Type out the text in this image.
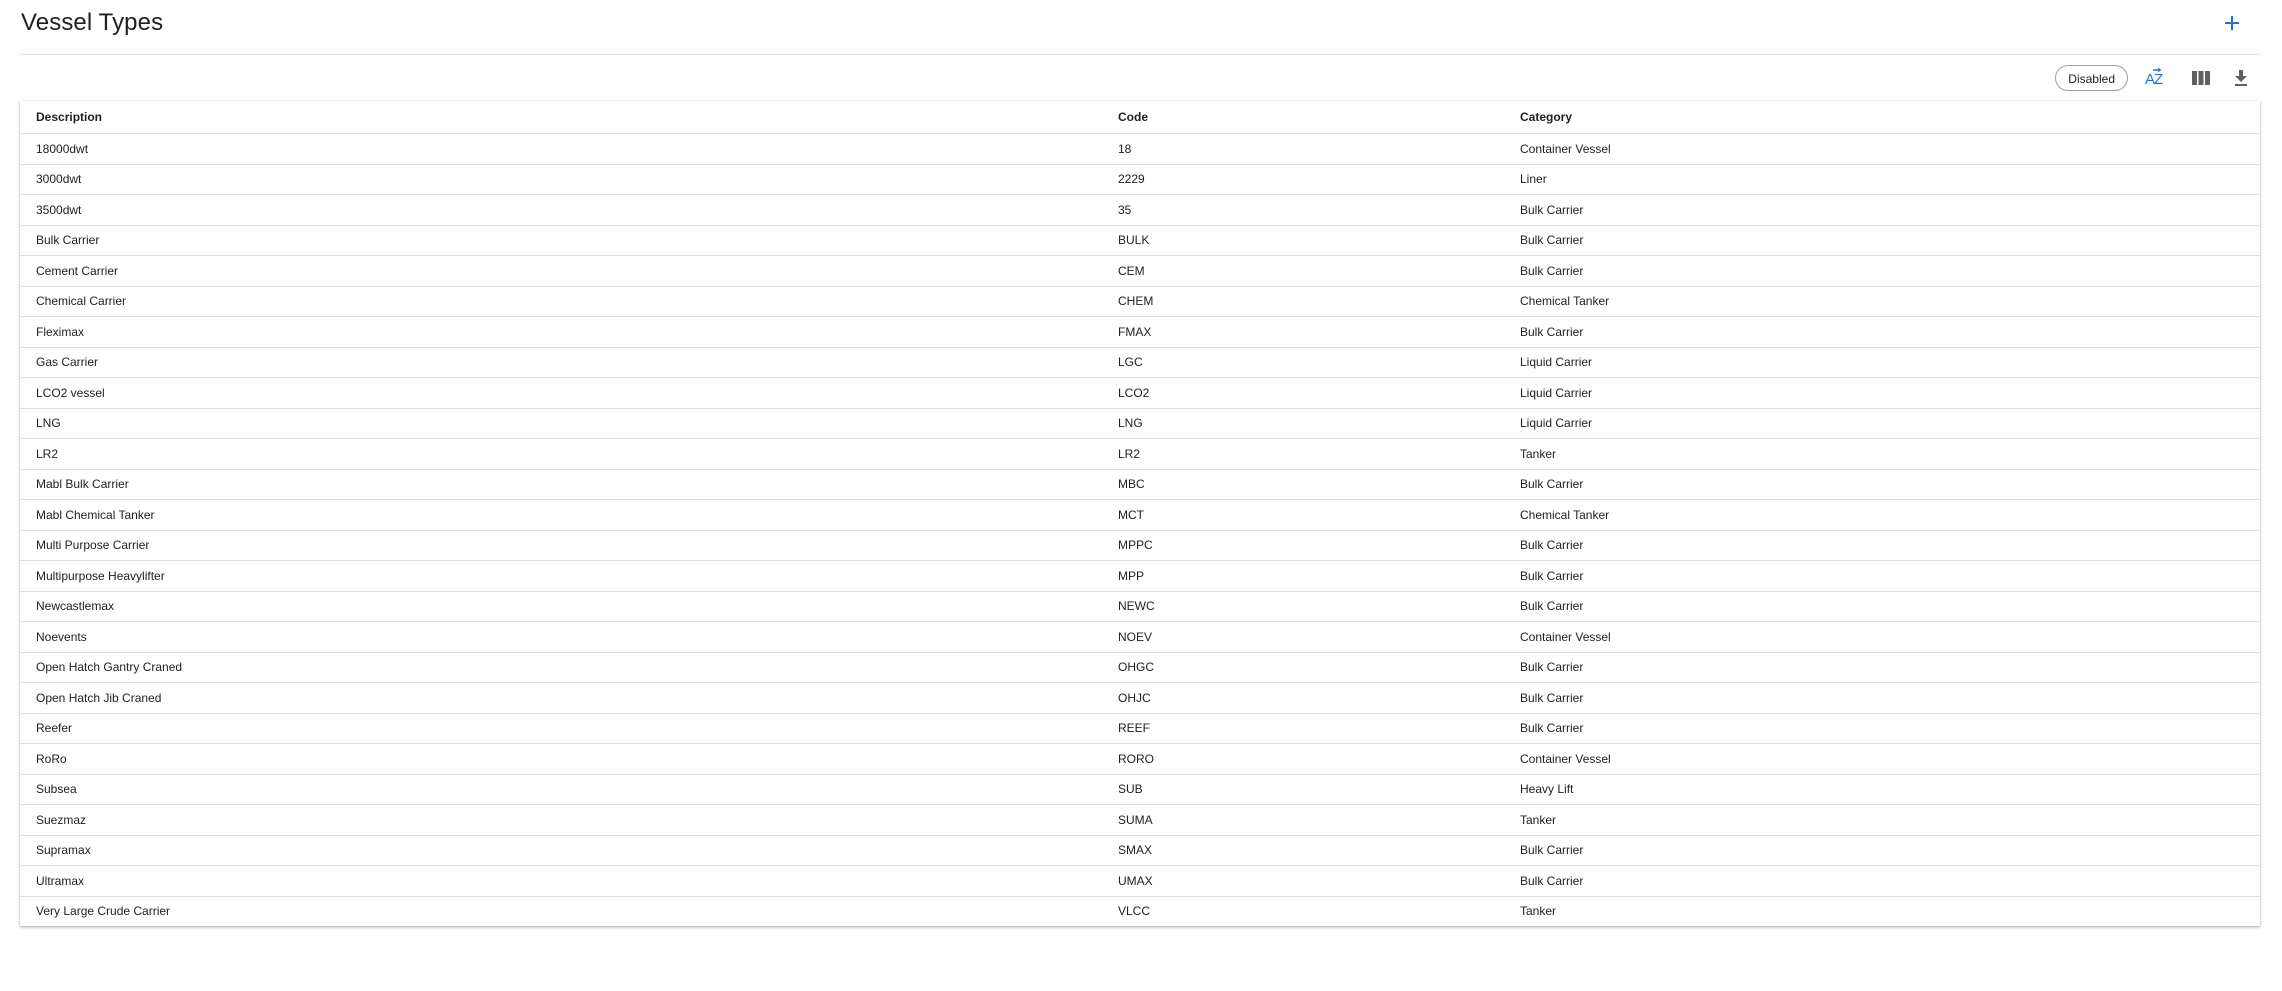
Vessel Types
Disabled	A
Z
Description	Code	Category
18000dwt	18	Container Vessel
3000dwt	2229	Liner
3500dwt	35	Bulk Carrier
Bulk Carrier	BULK	Bulk Carrier
Cement Carrier	CEM	Bulk Carrier
Chemical Carrier	CHEM	Chemical Tanker
Fleximax	FMAX	Bulk Carrier
Gas Carrier	LGC	Liquid Carrier
LCO2 vessel	LCO2	Liquid Carrier
LNG	LNG	Liquid Carrier
LR2	LR2	Tanker
Mabl Bulk Carrier	MBC	Bulk Carrier
Mabl Chemical Tanker	MCT	Chemical Tanker
Multi Purpose Carrier	MPPC	Bulk Carrier
Multipurpose Heavylifter	MPP	Bulk Carrier
Newcastlemax	NEWC	Bulk Carrier
Noevents	NOEV	Container Vessel
Open Hatch Gantry Craned	OHGC	Bulk Carrier
Open Hatch Jib Craned	OHJC	Bulk Carrier
Reefer	REEF	Bulk Carrier
RoRo	RORO	Container Vessel
Subsea	SUB	Heavy Lift
Suezmaz	SUMA	Tanker
Supramax	SMAX	Bulk Carrier
Ultramax	UMAX	Bulk Carrier
Very Large Crude Carrier	VLCC	Tanker
